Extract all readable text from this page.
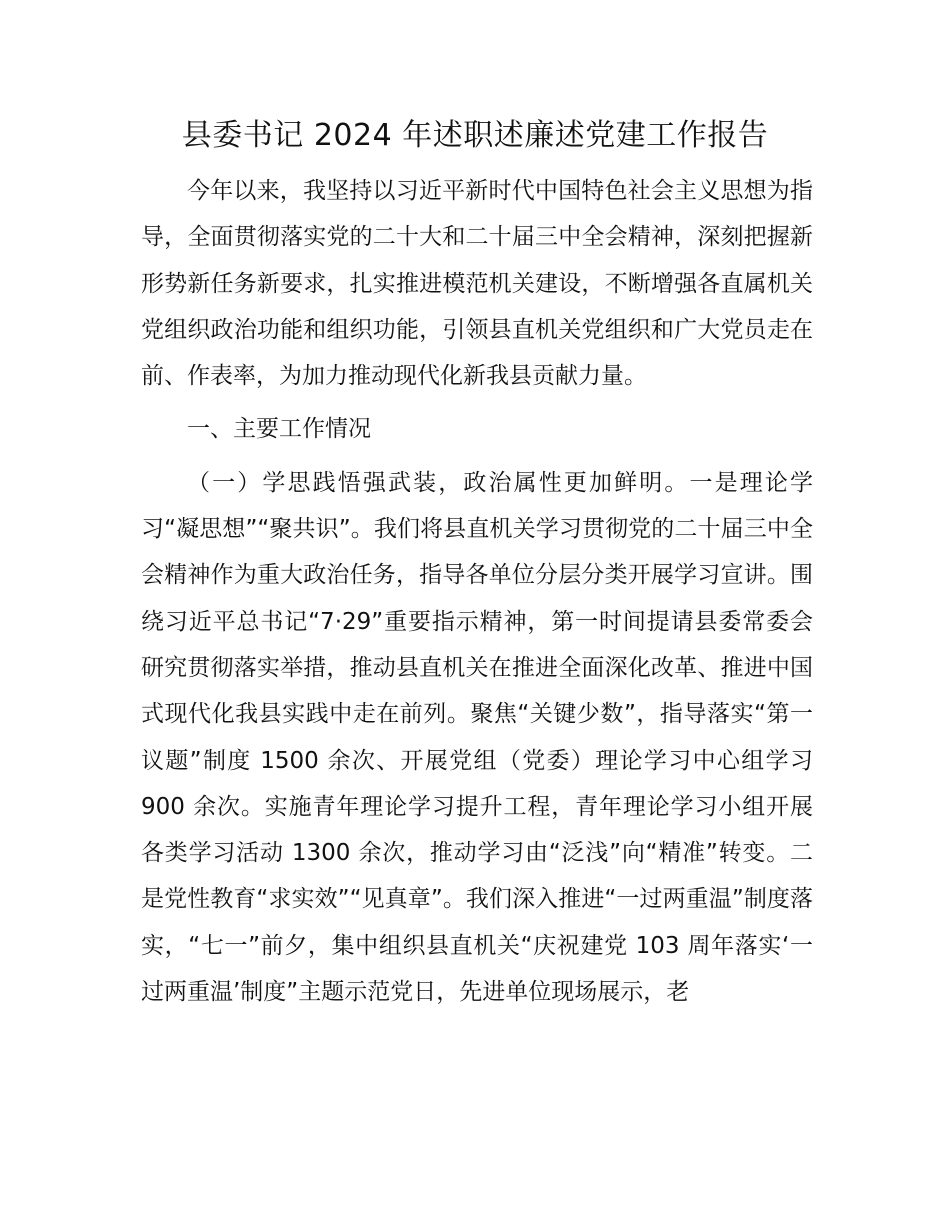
县委书记 2024 年述职述廉述党建工作报告

今年以来，我坚持以习近平新时代中国特色社会主义思想为指导，全面贯彻落实党的二十大和二十届三中全会精神，深刻把握新形势新任务新要求，扎实推进模范机关建设，不断增强各直属机关党组织政治功能和组织功能，引领县直机关党组织和广大党员走在前、作表率，为加力推动现代化新我县贡献力量。

一、主要工作情况

（一）学思践悟强武装，政治属性更加鲜明。一是理论学习“凝思想”“聚共识”。我们将县直机关学习贯彻党的二十届三中全会精神作为重大政治任务，指导各单位分层分类开展学习宣讲。围绕习近平总书记“7·29”重要指示精神，第一时间提请县委常委会研究贯彻落实举措，推动县直机关在推进全面深化改革、推进中国式现代化我县实践中走在前列。聚焦“关键少数”，指导落实“第一议题”制度 1500 余次、开展党组（党委）理论学习中心组学习 900 余次。实施青年理论学习提升工程，青年理论学习小组开展各类学习活动 1300 余次，推动学习由“泛浅”向“精准”转变。二是党性教育“求实效”“见真章”。我们深入推进“一过两重温”制度落实，“七一”前夕，集中组织县直机关“庆祝建党 103 周年落实‘一过两重温’制度”主题示范党日，先进单位现场展示，老
